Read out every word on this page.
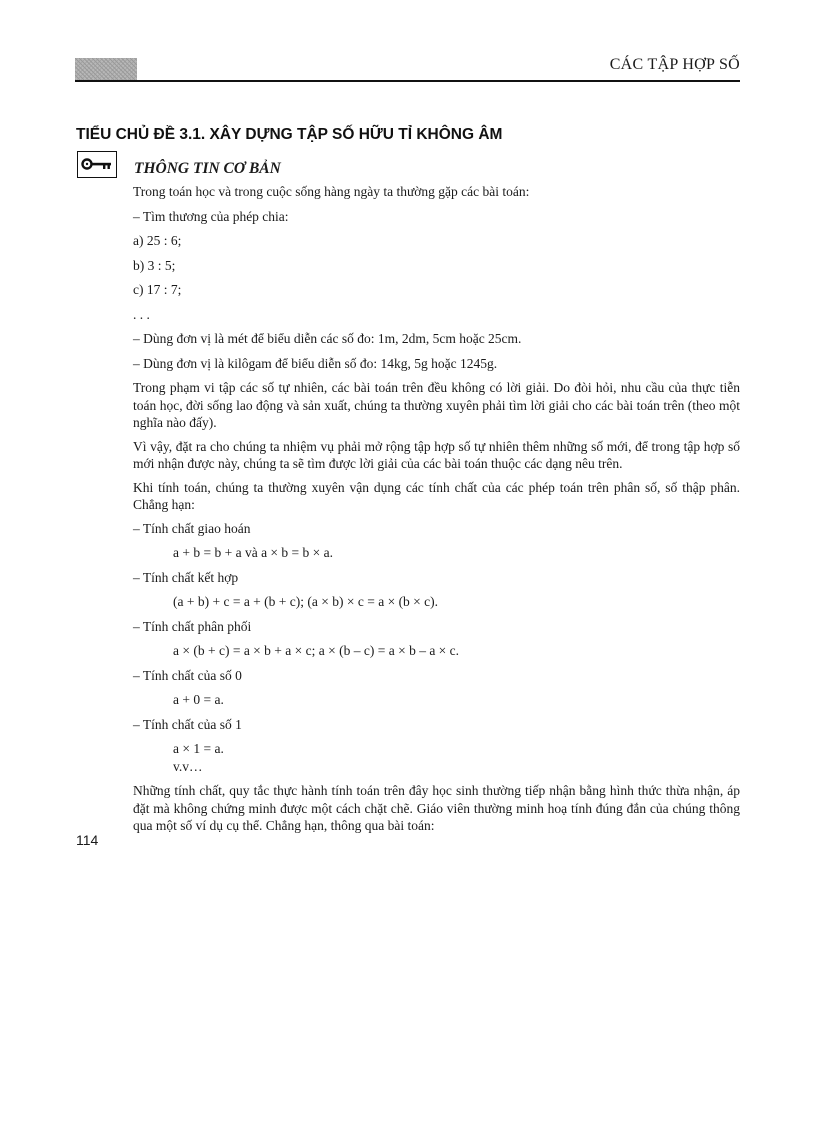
CÁC TẬP HỢP SỐ
TIỂU CHỦ ĐỀ 3.1. XÂY DỰNG TẬP SỐ HỮU TỈ KHÔNG ÂM
THÔNG TIN CƠ BẢN

Trong toán học và trong cuộc sống hàng ngày ta thường gặp các bài toán:

– Tìm thương của phép chia:

a) 25 : 6;

b) 3 : 5;

c) 17 : 7;

. . .

– Dùng đơn vị là mét để biểu diễn các số đo: 1m, 2dm, 5cm hoặc 25cm.

– Dùng đơn vị là kilôgam để biểu diễn số đo: 14kg, 5g hoặc 1245g.

Trong phạm vi tập các số tự nhiên, các bài toán trên đều không có lời giải. Do đòi hỏi, nhu cầu của thực tiễn toán học, đời sống lao động và sản xuất, chúng ta thường xuyên phải tìm lời giải cho các bài toán trên (theo một nghĩa nào đấy).

Vì vậy, đặt ra cho chúng ta nhiệm vụ phải mở rộng tập hợp số tự nhiên thêm những số mới, để trong tập hợp số mới nhận được này, chúng ta sẽ tìm được lời giải của các bài toán thuộc các dạng nêu trên.

Khi tính toán, chúng ta thường xuyên vận dụng các tính chất của các phép toán trên phân số, số thập phân. Chẳng hạn:

– Tính chất giao hoán

a + b = b + a và a × b = b × a.

– Tính chất kết hợp

(a + b) + c = a + (b + c); (a × b) × c = a × (b × c).

– Tính chất phân phối

a × (b + c) = a × b + a × c; a × (b – c) = a × b – a × c.

– Tính chất của số 0

a + 0 = a.

– Tính chất của số 1

a × 1 = a.

v.v…

Những tính chất, quy tắc thực hành tính toán trên đây học sinh thường tiếp nhận bằng hình thức thừa nhận, áp đặt mà không chứng minh được một cách chặt chẽ. Giáo viên thường minh hoạ tính đúng đắn của chúng thông qua một số ví dụ cụ thể. Chẳng hạn, thông qua bài toán:

114
